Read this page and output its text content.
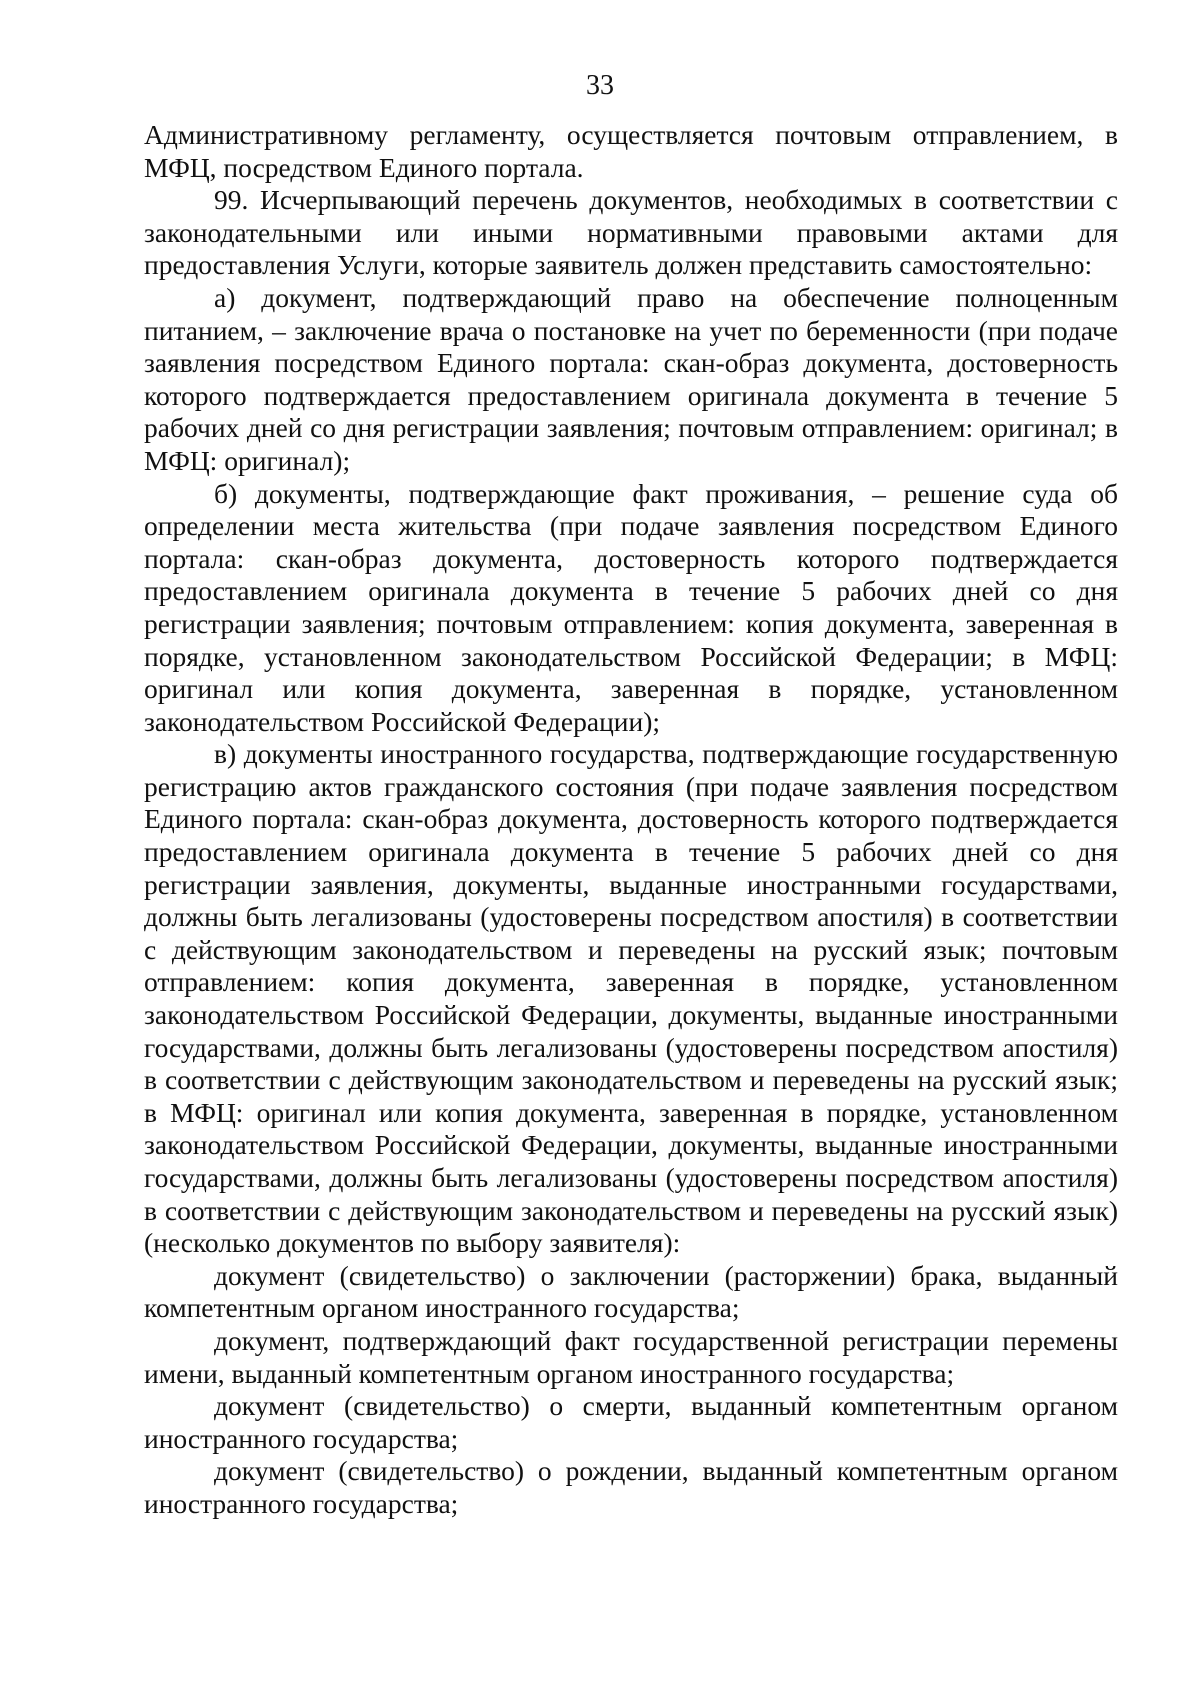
33

Административному регламенту, осуществляется почтовым отправлением, в МФЦ, посредством Единого портала.

99. Исчерпывающий перечень документов, необходимых в соответствии с законодательными или иными нормативными правовыми актами для предоставления Услуги, которые заявитель должен представить самостоятельно:

а) документ, подтверждающий право на обеспечение полноценным питанием, – заключение врача о постановке на учет по беременности (при подаче заявления посредством Единого портала: скан-образ документа, достоверность которого подтверждается предоставлением оригинала документа в течение 5 рабочих дней со дня регистрации заявления; почтовым отправлением: оригинал; в МФЦ: оригинал);

б) документы, подтверждающие факт проживания, – решение суда об определении места жительства (при подаче заявления посредством Единого портала: скан-образ документа, достоверность которого подтверждается предоставлением оригинала документа в течение 5 рабочих дней со дня регистрации заявления; почтовым отправлением: копия документа, заверенная в порядке, установленном законодательством Российской Федерации; в МФЦ: оригинал или копия документа, заверенная в порядке, установленном законодательством Российской Федерации);

в) документы иностранного государства, подтверждающие государственную регистрацию актов гражданского состояния (при подаче заявления посредством Единого портала: скан-образ документа, достоверность которого подтверждается предоставлением оригинала документа в течение 5 рабочих дней со дня регистрации заявления, документы, выданные иностранными государствами, должны быть легализованы (удостоверены посредством апостиля) в соответствии с действующим законодательством и переведены на русский язык; почтовым отправлением: копия документа, заверенная в порядке, установленном законодательством Российской Федерации, документы, выданные иностранными государствами, должны быть легализованы (удостоверены посредством апостиля) в соответствии с действующим законодательством и переведены на русский язык; в МФЦ: оригинал или копия документа, заверенная в порядке, установленном законодательством Российской Федерации, документы, выданные иностранными государствами, должны быть легализованы (удостоверены посредством апостиля) в соответствии с действующим законодательством и переведены на русский язык) (несколько документов по выбору заявителя):

документ (свидетельство) о заключении (расторжении) брака, выданный компетентным органом иностранного государства;

документ, подтверждающий факт государственной регистрации перемены имени, выданный компетентным органом иностранного государства;

документ (свидетельство) о смерти, выданный компетентным органом иностранного государства;

документ (свидетельство) о рождении, выданный компетентным органом иностранного государства;
